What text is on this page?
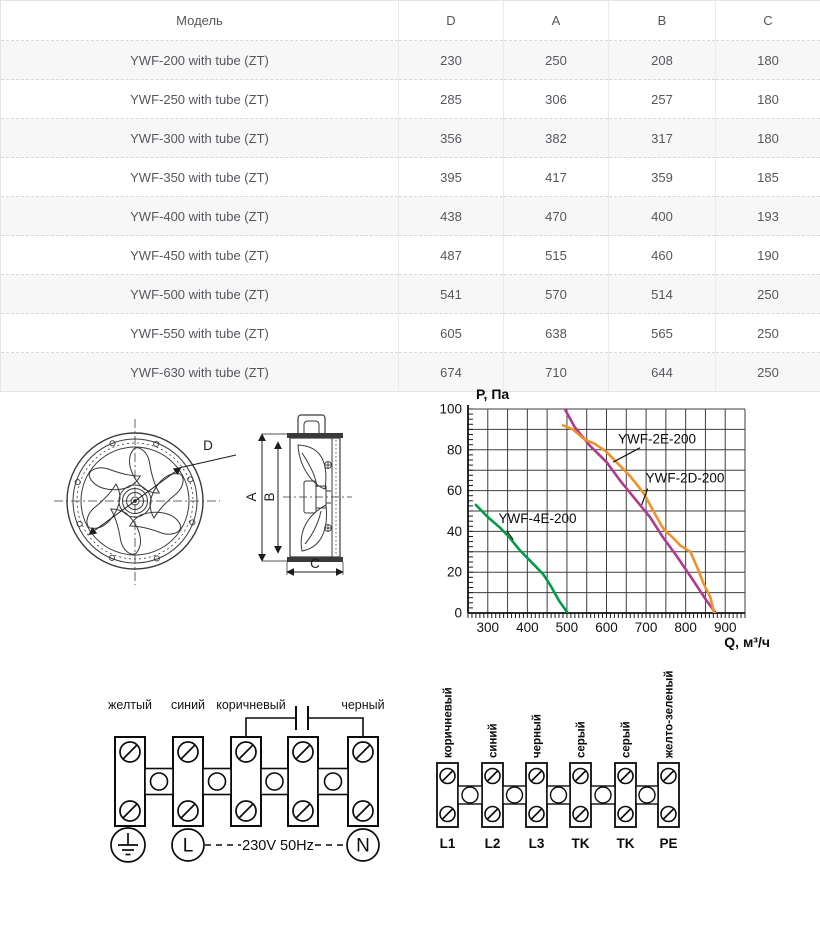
Модель	D	A	B	C
YWF-200 with tube (ZT)	230	250	208	180
YWF-250 with tube (ZT)	285	306	257	180
YWF-300 with tube (ZT)	356	382	317	180
YWF-350 with tube (ZT)	395	417	359	185
YWF-400 with tube (ZT)	438	470	400	193
YWF-450 with tube (ZT)	487	515	460	190
YWF-500 with tube (ZT)	541	570	514	250
YWF-550 with tube (ZT)	605	638	565	250
YWF-630 with tube (ZT)	674	710	644	250
D
A B
C
YWF-2E-200
YWF-2D-200
YWF-4E-200
300 400 500 600 700 800 900
0
20
40
60
80
100
P, Па
Q, м³/ч
желтый синий коричневый	черный
L	230V 50Hz N
коричневый	синий	черный	серый	серый	желто-зеленый
L1 L2 L3 TK TK PE
